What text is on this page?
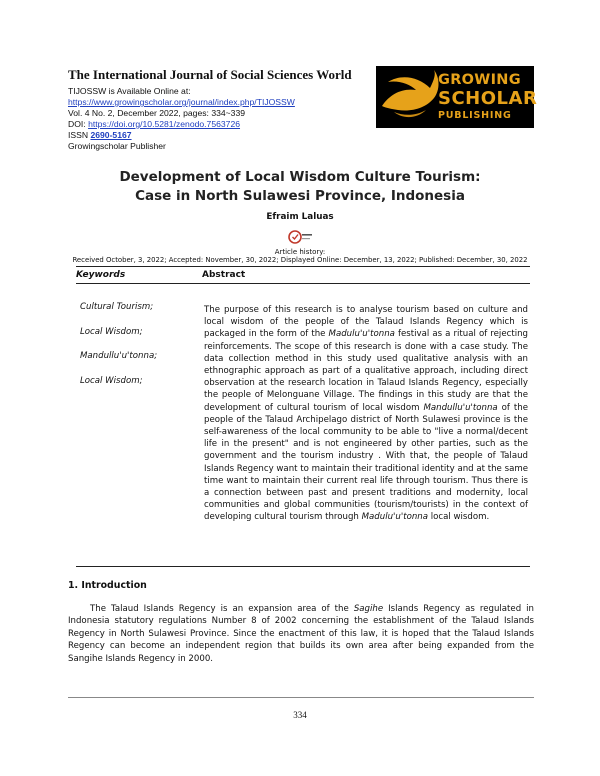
The International Journal of Social Sciences World
TIJOSSW is Available Online at:
https://www.growingscholar.org/journal/index.php/TIJOSSW
Vol. 4 No. 2, December 2022, pages: 334~339
DOI: https://doi.org/10.5281/zenodo.7563726
ISSN 2690-5167
Growingscholar Publisher
GROWING
SCHOLAR
PUBLISHING
Development of Local Wisdom Culture Tourism:
Case in North Sulawesi Province, Indonesia
Efraim Laluas
Article history:
Received October, 3, 2022; Accepted: November, 30, 2022; Displayed Online: December, 13, 2022; Published: December, 30, 2022
Keywords	Abstract
Cultural Tourism;
Local Wisdom;
Mandullu'u'tonna;
Local Wisdom;
The purpose of this research is to analyse tourism based on culture and local wisdom of the people of the Talaud Islands Regency which is packaged in the form of the Madulu'u'tonna festival as a ritual of rejecting reinforcements. The scope of this research is done with a case study. The data collection method in this study used qualitative analysis with an ethnographic approach as part of a qualitative approach, including direct observation at the research location in Talaud Islands Regency, especially the people of Melonguane Village. The findings in this study are that the development of cultural tourism of local wisdom Mandullu'u'tonna of the people of the Talaud Archipelago district of North Sulawesi province is the self-awareness of the local community to be able to "live a normal/decent life in the present" and is not engineered by other parties, such as the government and the tourism industry . With that, the people of Talaud Islands Regency want to maintain their traditional identity and at the same time want to maintain their current real life through tourism. Thus there is a connection between past and present traditions and modernity, local communities and global communities (tourism/tourists) in the context of developing cultural tourism through Madulu'u'tonna local wisdom.
1. Introduction
The Talaud Islands Regency is an expansion area of the Sagihe Islands Regency as regulated in Indonesia statutory regulations Number 8 of 2002 concerning the establishment of the Talaud Islands Regency in North Sulawesi Province. Since the enactment of this law, it is hoped that the Talaud Islands Regency can become an independent region that builds its own area after being expanded from the Sangihe Islands Regency in 2000.
334
